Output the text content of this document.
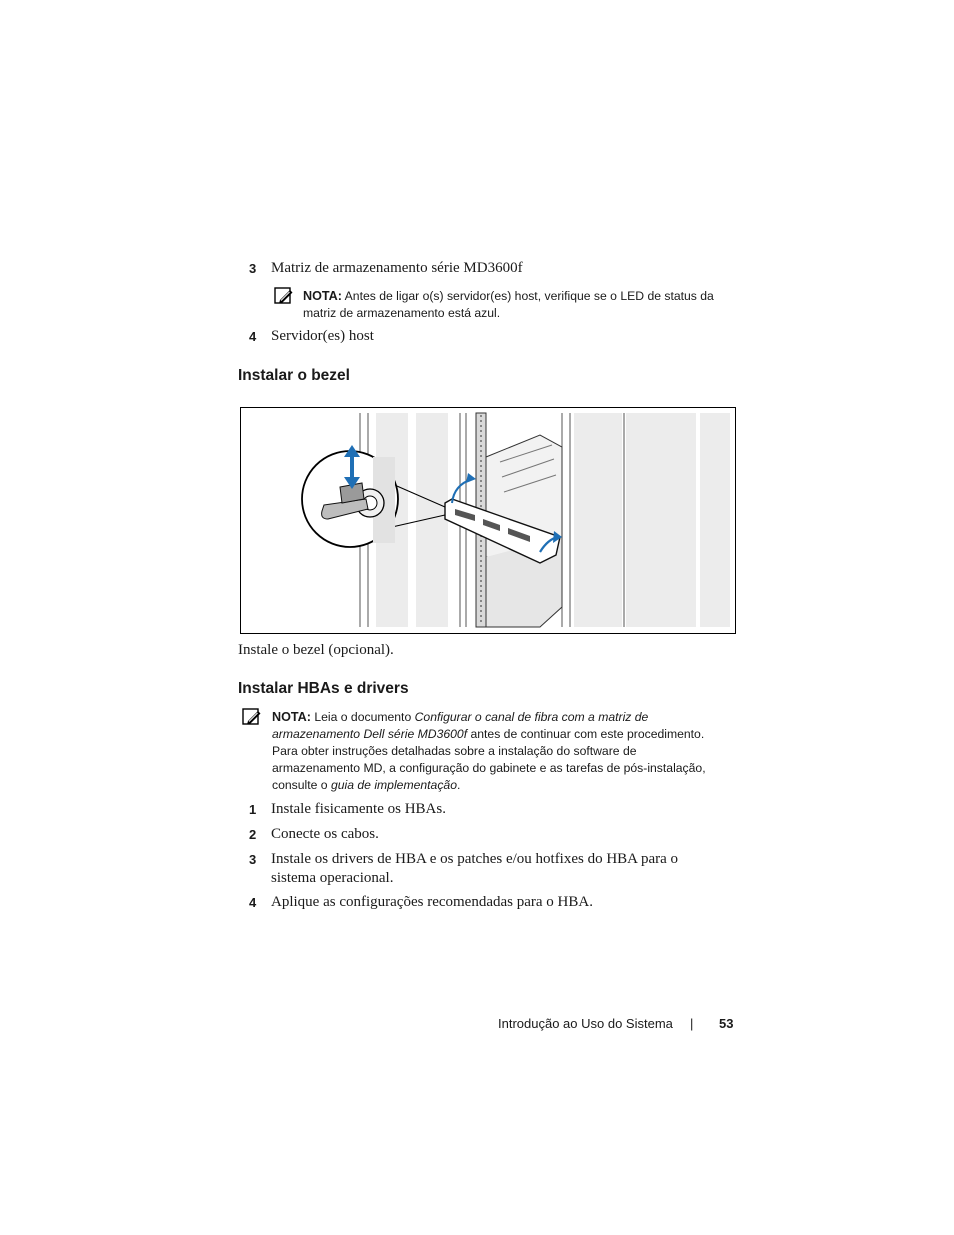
3 Matriz de armazenamento série MD3600f
NOTA: Antes de ligar o(s) servidor(es) host, verifique se o LED de status da
matriz de armazenamento está azul.
4 Servidor(es) host
Instalar o bezel
Instale o bezel (opcional).
Instalar HBAs e drivers
NOTA: Leia o documento Configurar o canal de fibra com a matriz de
armazenamento Dell série MD3600f antes de continuar com este procedimento.
Para obter instruções detalhadas sobre a instalação do software de
armazenamento MD, a configuração do gabinete e as tarefas de pós-instalação,
consulte o guia de implementação.
1 Instale fisicamente os HBAs.
2 Conecte os cabos.
3 Instale os drivers de HBA e os patches e/ou hotfixes do HBA para o
sistema operacional.
4 Aplique as configurações recomendadas para o HBA.
Introdução ao Uso do Sistema | 53
